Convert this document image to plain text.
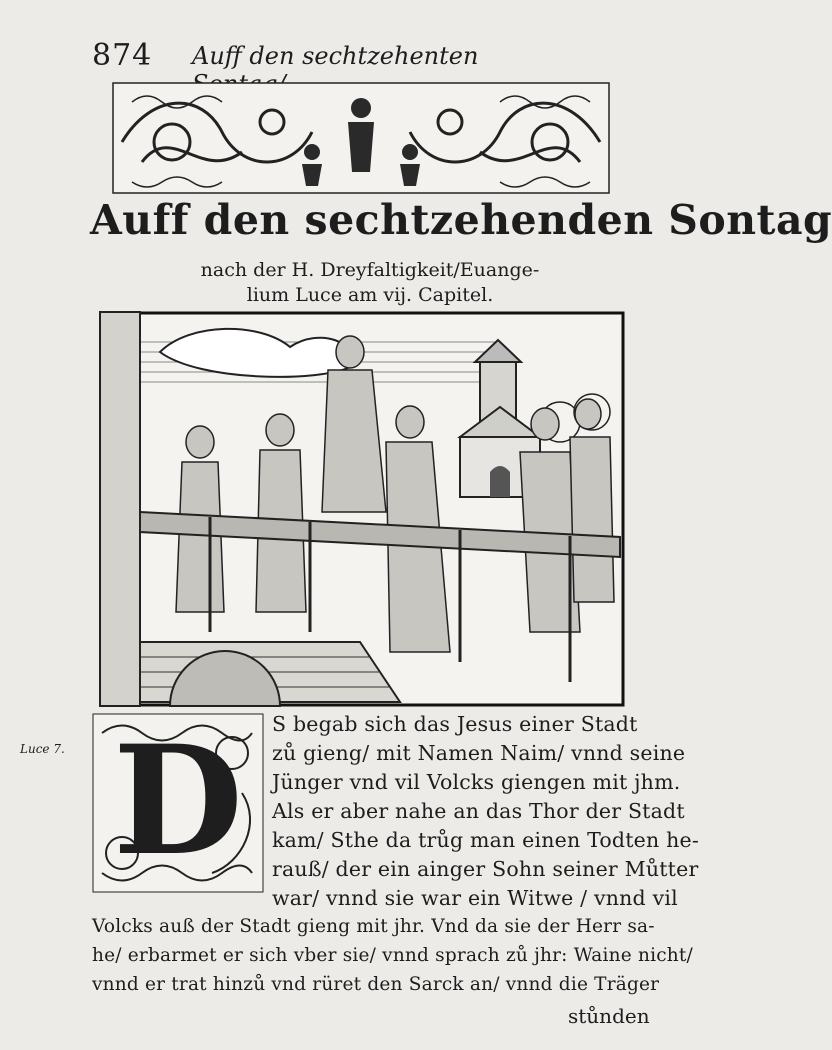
874 Auff den sechtzehenten
Auff den sechtzehenden Sontag
nach der H. Dreyfaltigkeit/Euange-
lium Luce am vij. Capitel.
Luce 7. D S begab sich das Jesus einer Stadt
zů gieng/ mit Namen Naim/ vnnd seine
Jünger vnd vil Volcks giengen mit jhm.
Als er aber nahe an das Thor der Stadt
kam/ Sthe da trůg man einen Todten he-
rauß/ der ein ainger Sohn seiner Můtter
war/ vnnd sie war ein Witwe / vnnd vil
Volcks auß der Stadt gieng mit jhr. Vnd da sie der Herr sa-
he/ erbarmet er sich vber sie/ vnnd sprach zů jhr: Waine nicht/
vnnd er trat hinzů vnd rüret den Sarck an/ vnnd die Träger
stůnden
